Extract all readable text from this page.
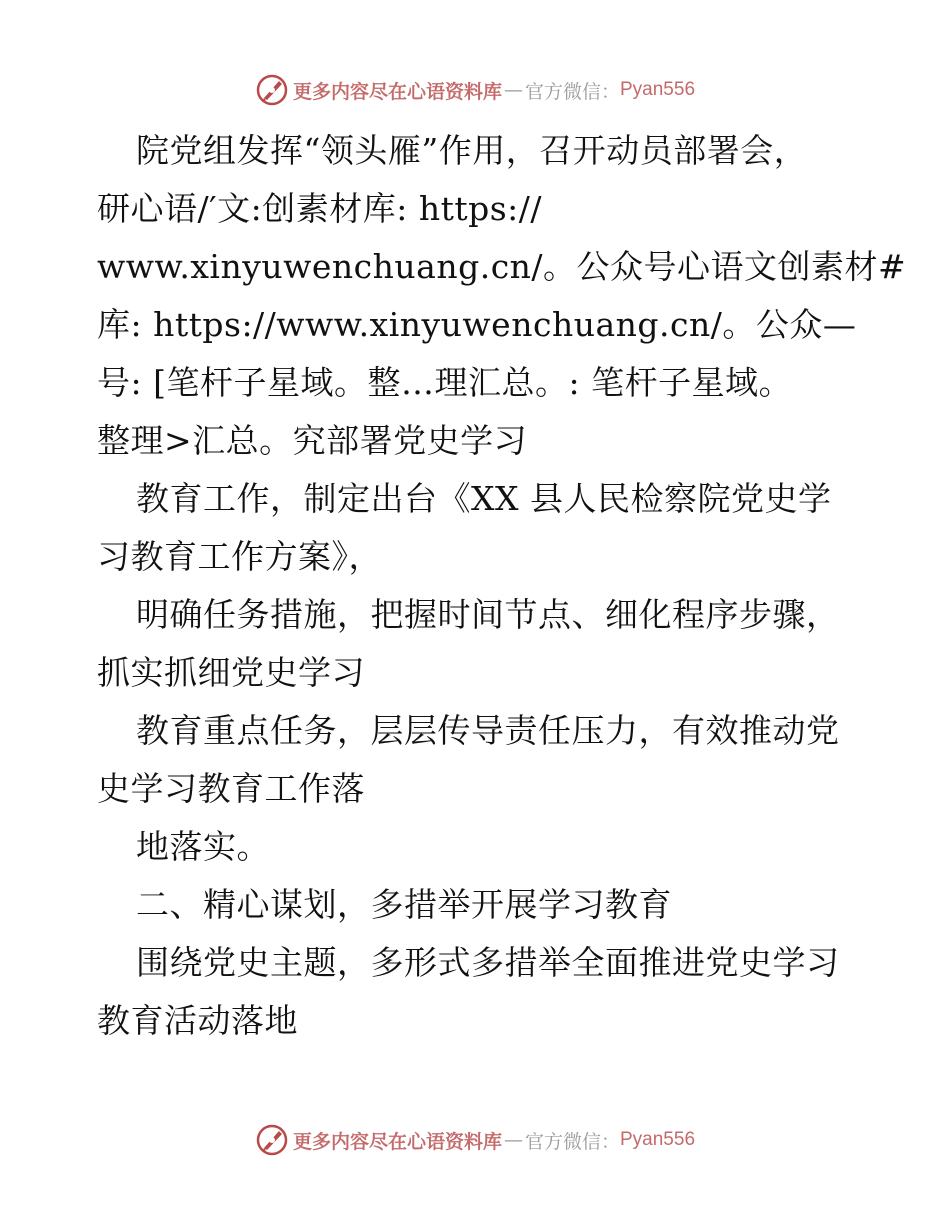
更多内容尽在心语资料库 — 官方微信： Pyan556
院党组发挥“领头雁”作用，召开动员部署会，
研心语/′文:创素材库: https://
www.xinyuwenchuang.cn/。公众号心语文创素材#
库: https://www.xinyuwenchuang.cn/。公众—
号: [笔杆子星域。整…理汇总。: 笔杆子星域。
整理>汇总。究部署党史学习
教育工作，制定出台《XX 县人民检察院党史学
习教育工作方案》，
明确任务措施，把握时间节点、细化程序步骤，
抓实抓细党史学习
教育重点任务，层层传导责任压力，有效推动党
史学习教育工作落
地落实。
二、精心谋划，多措举开展学习教育
围绕党史主题，多形式多措举全面推进党史学习
教育活动落地
更多内容尽在心语资料库 — 官方微信： Pyan556
